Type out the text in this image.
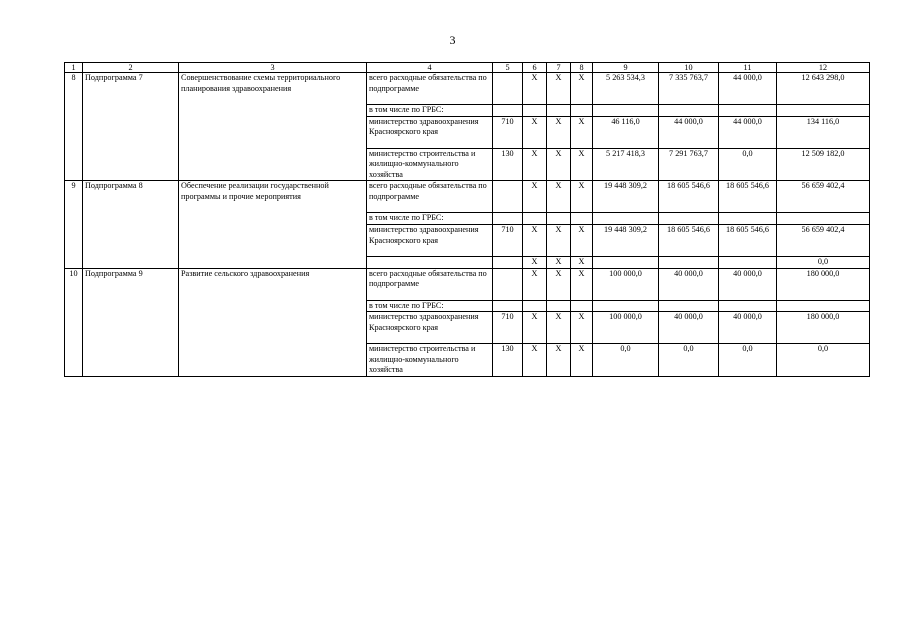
3
1	2	3	4	5	6	7	8	9	10	11	12
8	Подпрограмма 7	Совершенствование схемы территориального планирования здравоохранения	всего расходные обязательства по подпрограмме		X	X	X	5 263 534,3	7 335 763,7	44 000,0	12 643 298,0
			в том числе по ГРБС:								
			министерство здравоохранения Красноярского края	710	X	X	X	46 116,0	44 000,0	44 000,0	134 116,0
			министерство строительства и жилищно-коммунального хозяйства	130	X	X	X	5 217 418,3	7 291 763,7	0,0	12 509 182,0
9	Подпрограмма 8	Обеспечение реализации государственной программы и прочие мероприятия	всего расходные обязательства по подпрограмме		X	X	X	19 448 309,2	18 605 546,6	18 605 546,6	56 659 402,4
			в том числе по ГРБС:								
			министерство здравоохранения Красноярского края	710	X	X	X	19 448 309,2	18 605 546,6	18 605 546,6	56 659 402,4
					X	X	X				0,0
10	Подпрограмма 9	Развитие сельского здравоохранения	всего расходные обязательства по подпрограмме		X	X	X	100 000,0	40 000,0	40 000,0	180 000,0
			в том числе по ГРБС:								
			министерство здравоохранения Красноярского края	710	X	X	X	100 000,0	40 000,0	40 000,0	180 000,0
			министерство строительства и жилищно-коммунального хозяйства	130	X	X	X	0,0	0,0	0,0	0,0
